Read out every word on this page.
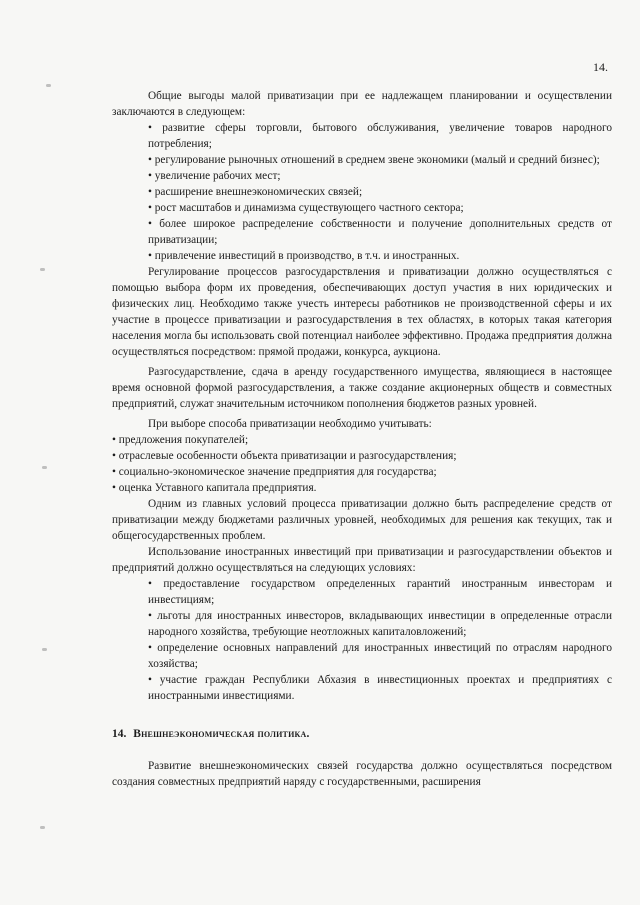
14.

Общие выгоды малой приватизации при ее надлежащем планировании и осуществлении заключаются в следующем:

• развитие сферы торговли, бытового обслуживания, увеличение товаров народного потребления;

• регулирование рыночных отношений в среднем звене экономики (малый и средний бизнес);

• увеличение рабочих мест;

• расширение внешнеэкономических связей;

• рост масштабов и динамизма существующего частного сектора;

• более широкое распределение собственности и получение дополнительных средств от приватизации;

• привлечение инвестиций в производство, в т.ч. и иностранных.

Регулирование процессов разгосударствления и приватизации должно осуществляться с помощью выбора форм их проведения, обеспечивающих доступ участия в них юридических и физических лиц. Необходимо также учесть интересы работников не производственной сферы и их участие в процессе приватизации и разгосударствления в тех областях, в которых такая категория населения могла бы использовать свой потенциал наиболее эффективно. Продажа предприятия должна осуществляться посредством: прямой продажи, конкурса, аукциона.

Разгосударствление, сдача в аренду государственного имущества, являющиеся в настоящее время основной формой разгосударствления, а также создание акционерных обществ и совместных предприятий, служат значительным источником пополнения бюджетов разных уровней.

При выборе способа приватизации необходимо учитывать:

• предложения покупателей;

• отраслевые особенности объекта приватизации и разгосударствления;

• социально-экономическое значение предприятия для государства;

• оценка Уставного капитала предприятия.

Одним из главных условий процесса приватизации должно быть распределение средств от приватизации между бюджетами различных уровней, необходимых для решения как текущих, так и общегосударственных проблем.

Использование иностранных инвестиций при приватизации и разгосударствлении объектов и предприятий должно осуществляться на следующих условиях:

• предоставление государством определенных гарантий иностранным инвесторам и инвестициям;

• льготы для иностранных инвесторов, вкладывающих инвестиции в определенные отрасли народного хозяйства, требующие неотложных капиталовложений;

• определение основных направлений для иностранных инвестиций по отраслям народного хозяйства;

• участие граждан Республики Абхазия в инвестиционных проектах и предприятиях с иностранными инвестициями.

14. Внешнеэкономическая политика.

Развитие внешнеэкономических связей государства должно осуществляться посредством создания совместных предприятий наряду с государственными, расширения
